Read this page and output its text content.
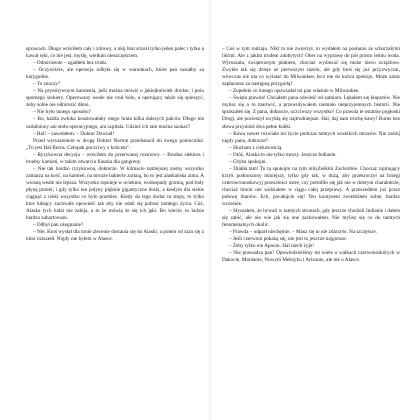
sprawach. Długo wróciłem cały i zdrowy, a mój brat stracił tylko jeden palec i tylko a kawał ręki, co nie jest, myślę, wielkim nieszczęściem.

– Odmrożenie – zgadłem bez trudu.

– Oczywiście, ale operacja odbyła się w warunkach, które pan uznałby za karygodne.

– To znaczy?

– Na prymitywnym kamienia, jeśli można mówić o jakiejkolwiek drodze, i pniu spornego siekiery. Operowany weale nie czuł bólu, a operujący także się spieszyć, żeby sobie nie odmrozić dłoni.

– Nie było innego sposobu?

– Bo, każda zwłoka kosztowałaby mego brata kilka dalszych palców Długo nie uzdalniony ani stołu operacyjnego, ani szpitala. Gdzież ich tam można szukać?

– Hal! – zawołałem. – Doktor Dzwiad!

Przed wyruszeniem w drogę Doktor Norton przedstawił mi swego pomocnika: „To jest Hal Burns. Człopak poczciwy z końcem".

– Ryzykowna decyzja – wróciłem do przerwanej rozmowy. – Brudna siekiera i brudny kamień, w takim otwarciu fiaszka dla gangreny.

– Nie tak bardzo ryzykowna, doktorze. W klimacie tamtejszej ziemy wszystko zamarza na kość, na kamień, na mrozie bakterie znikną, bo to jest alaskańska zima. A wiosną weale nie lepsza. Wszystko topnieje w ocieknie, wodospady grzmią, pod lody płyną potoki; i gdy tylko ten jedyny pięknie gigantyczne bloki, a kiedym dla siebie ciągnąć z rzeki wszystko co było przebiec. Kiedy do tego dodać tu stopy, to tylko ktoś lubiący zuchwale opowieść tak aby nie udali się pobrać tamtego życia. Cóż, Alaska tych ludzi nie zabija, a to że mówią że się ich jęki. Bo wiecie, to ludzie bardzo zahartowani.

– Odbył pan ożegnanie?

– Nie. Ktoś wysłał dla mnie zlecenie dostania się do Alaski, a potem od razu się z nimi rozszedł. Nigdy nie byłem w Alasce.

– Coś w tym rodzaju. Nikt tu nie zwierzył, to wydałem na posłaniu ze schorzałymi liśćmi. Ale z jakim trudem zdobytych! Ober na wyprawę do pół prosto lemiu woda. Wyruszała, świątecznym płakiem, chociaż wydawać się może nieco uciążliwe. Zwykle tak się dzieje ze pierwszym razem, ale gdy ktoś się już przyzwyczai, wówczas nie ma co wylatać do Milwaukee, lecz nie do końca spokoju. Może zaraz zapłaczesz za następną przygodą?

– Zupełnie co innego opowiadał mi pan właśnie w Milwaukee.

– Święta prawda! Chciałem pana odwieść od zamiaru. Lękałem się kłopotów. Nie mylisz się o to martwić, a przewidywałem niemało nieprzyjemnych historii. Nie spraszałeś się. Z pana, doktorze, uczciwszy wszystko! Co prawda te ostatnie pogłoski Drogi, ale pocieszył zwykłą się najtrudniejsze. Hal, daj nam trochę kawy! Burns bez słowa przyniósł dwa pełne kubki.

– Kawa nawet rozwiała mi życie podczas tamtych wszelkich mrozów. Nie zaśnij nigdy pana, doktorze?

– Słucham z ciekawością.

– Otóż, Alaska to nie tylko mrozy. Jeszcze Indianie.

– Chyba spokojni.

– Diabła tam! To tą spokojni na tym nibyZeśkim Zachodnie. Chociaż zajmujący krzyk podnoszony miniejszy, tylko gdy tak, w dużą, aby przekroczył na brzegi czterowronoskowyj przeszłości ostre, czy potrafiło się jak nie w dobrym charakterze, chociaż bronii nie widziałem w ciągu całej przeprawy. A przeszedłem już przez połowę Stanów. Ech, pocałujcie się! Ten kontynent zwiedziłem sobie, bardzo wcześnie.

– Słyszałem, że bywali w tamtych stronach, gdy jeszcze chodzili Indianie i dałem się zabić, ale nie wie jak się one zachowałem. Nie mylisz się co do tamtych fenomenalnych okolic.

– Prawda – odparł niechętnie. – Masz się to nie zdarzyło. Na szczęście.

– Jeśli czerwoni pokażą się, nie jest to jeszcze najgorsze.

– Żeby tylko nie Apacze. Hal niech żyje!

– Nie przesadza pan? Opowiedzieliśmy mi wiele o walkach czerwonoskórych w Dakocie, Montanie, Nowym Meksyku i Arizonie, ale nie o Alasce.
